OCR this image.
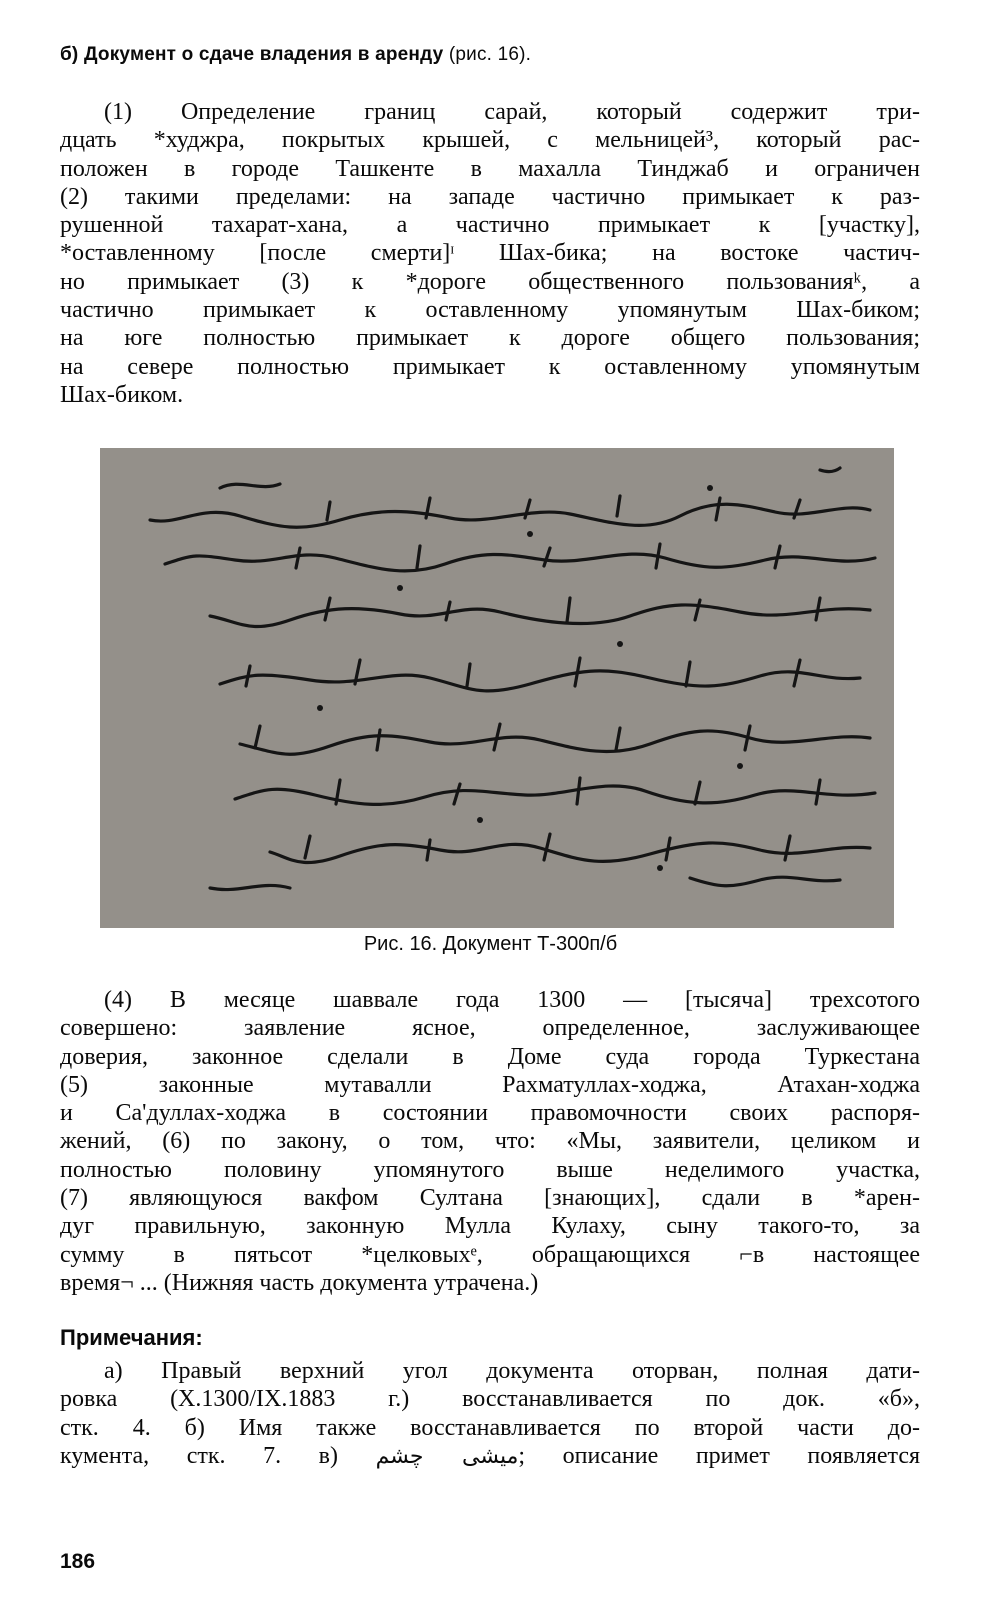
б) Документ о сдаче владения в аренду (рис. 16).
(1) Определение границ сарай, который содержит три-
дцать *худжра, покрытых крышей, с мельницей³, который рас-
положен в городе Ташкенте в махалла Тинджаб и ограничен
(2) такими пределами: на западе частично примыкает к раз-
рушенной тахарат-хана, а частично примыкает к [участку],
*оставленному [после смерти]ᶦ Шах-бика; на востоке частич-
но примыкает (3) к *дороге общественного пользованияᵏ, а
частично примыкает к оставленному упомянутым Шах-биком;
на юге полностью примыкает к дороге общего пользования;
на севере полностью примыкает к оставленному упомянутым
Шах-биком.
Рис. 16. Документ Т-300п/б
(4) В месяце шаввале года 1300 — [тысяча] трехсотого
совершено: заявление ясное, определенное, заслуживающее
доверия, законное сделали в Доме суда города Туркестана
(5) законные мутавалли Рахматуллах-ходжа, Атахан-ходжа
и Са'дуллах-ходжа в состоянии правомочности своих распоря-
жений, (6) по закону, о том, что: «Мы, заявители, целиком и
полностью половину упомянутого выше неделимого участка,
(7) являющуюся вакфом Султана [знающих], сдали в *арен-
дуᴦ правильную, законную Мулла Кулаху, сыну такого-то, за
сумму в пятьсот *целковыхᵉ, обращающихся ⌐в настоящее
время¬ ... (Нижняя часть документа утрачена.)
Примечания:
а) Правый верхний угол документа оторван, полная дати-
ровка (X.1300/IX.1883 г.) восстанавливается по док. «б»,
стк. 4. б) Имя также восстанавливается по второй части до-
кумента, стк. 7. в) میشی چشم; описание примет появляется
186
